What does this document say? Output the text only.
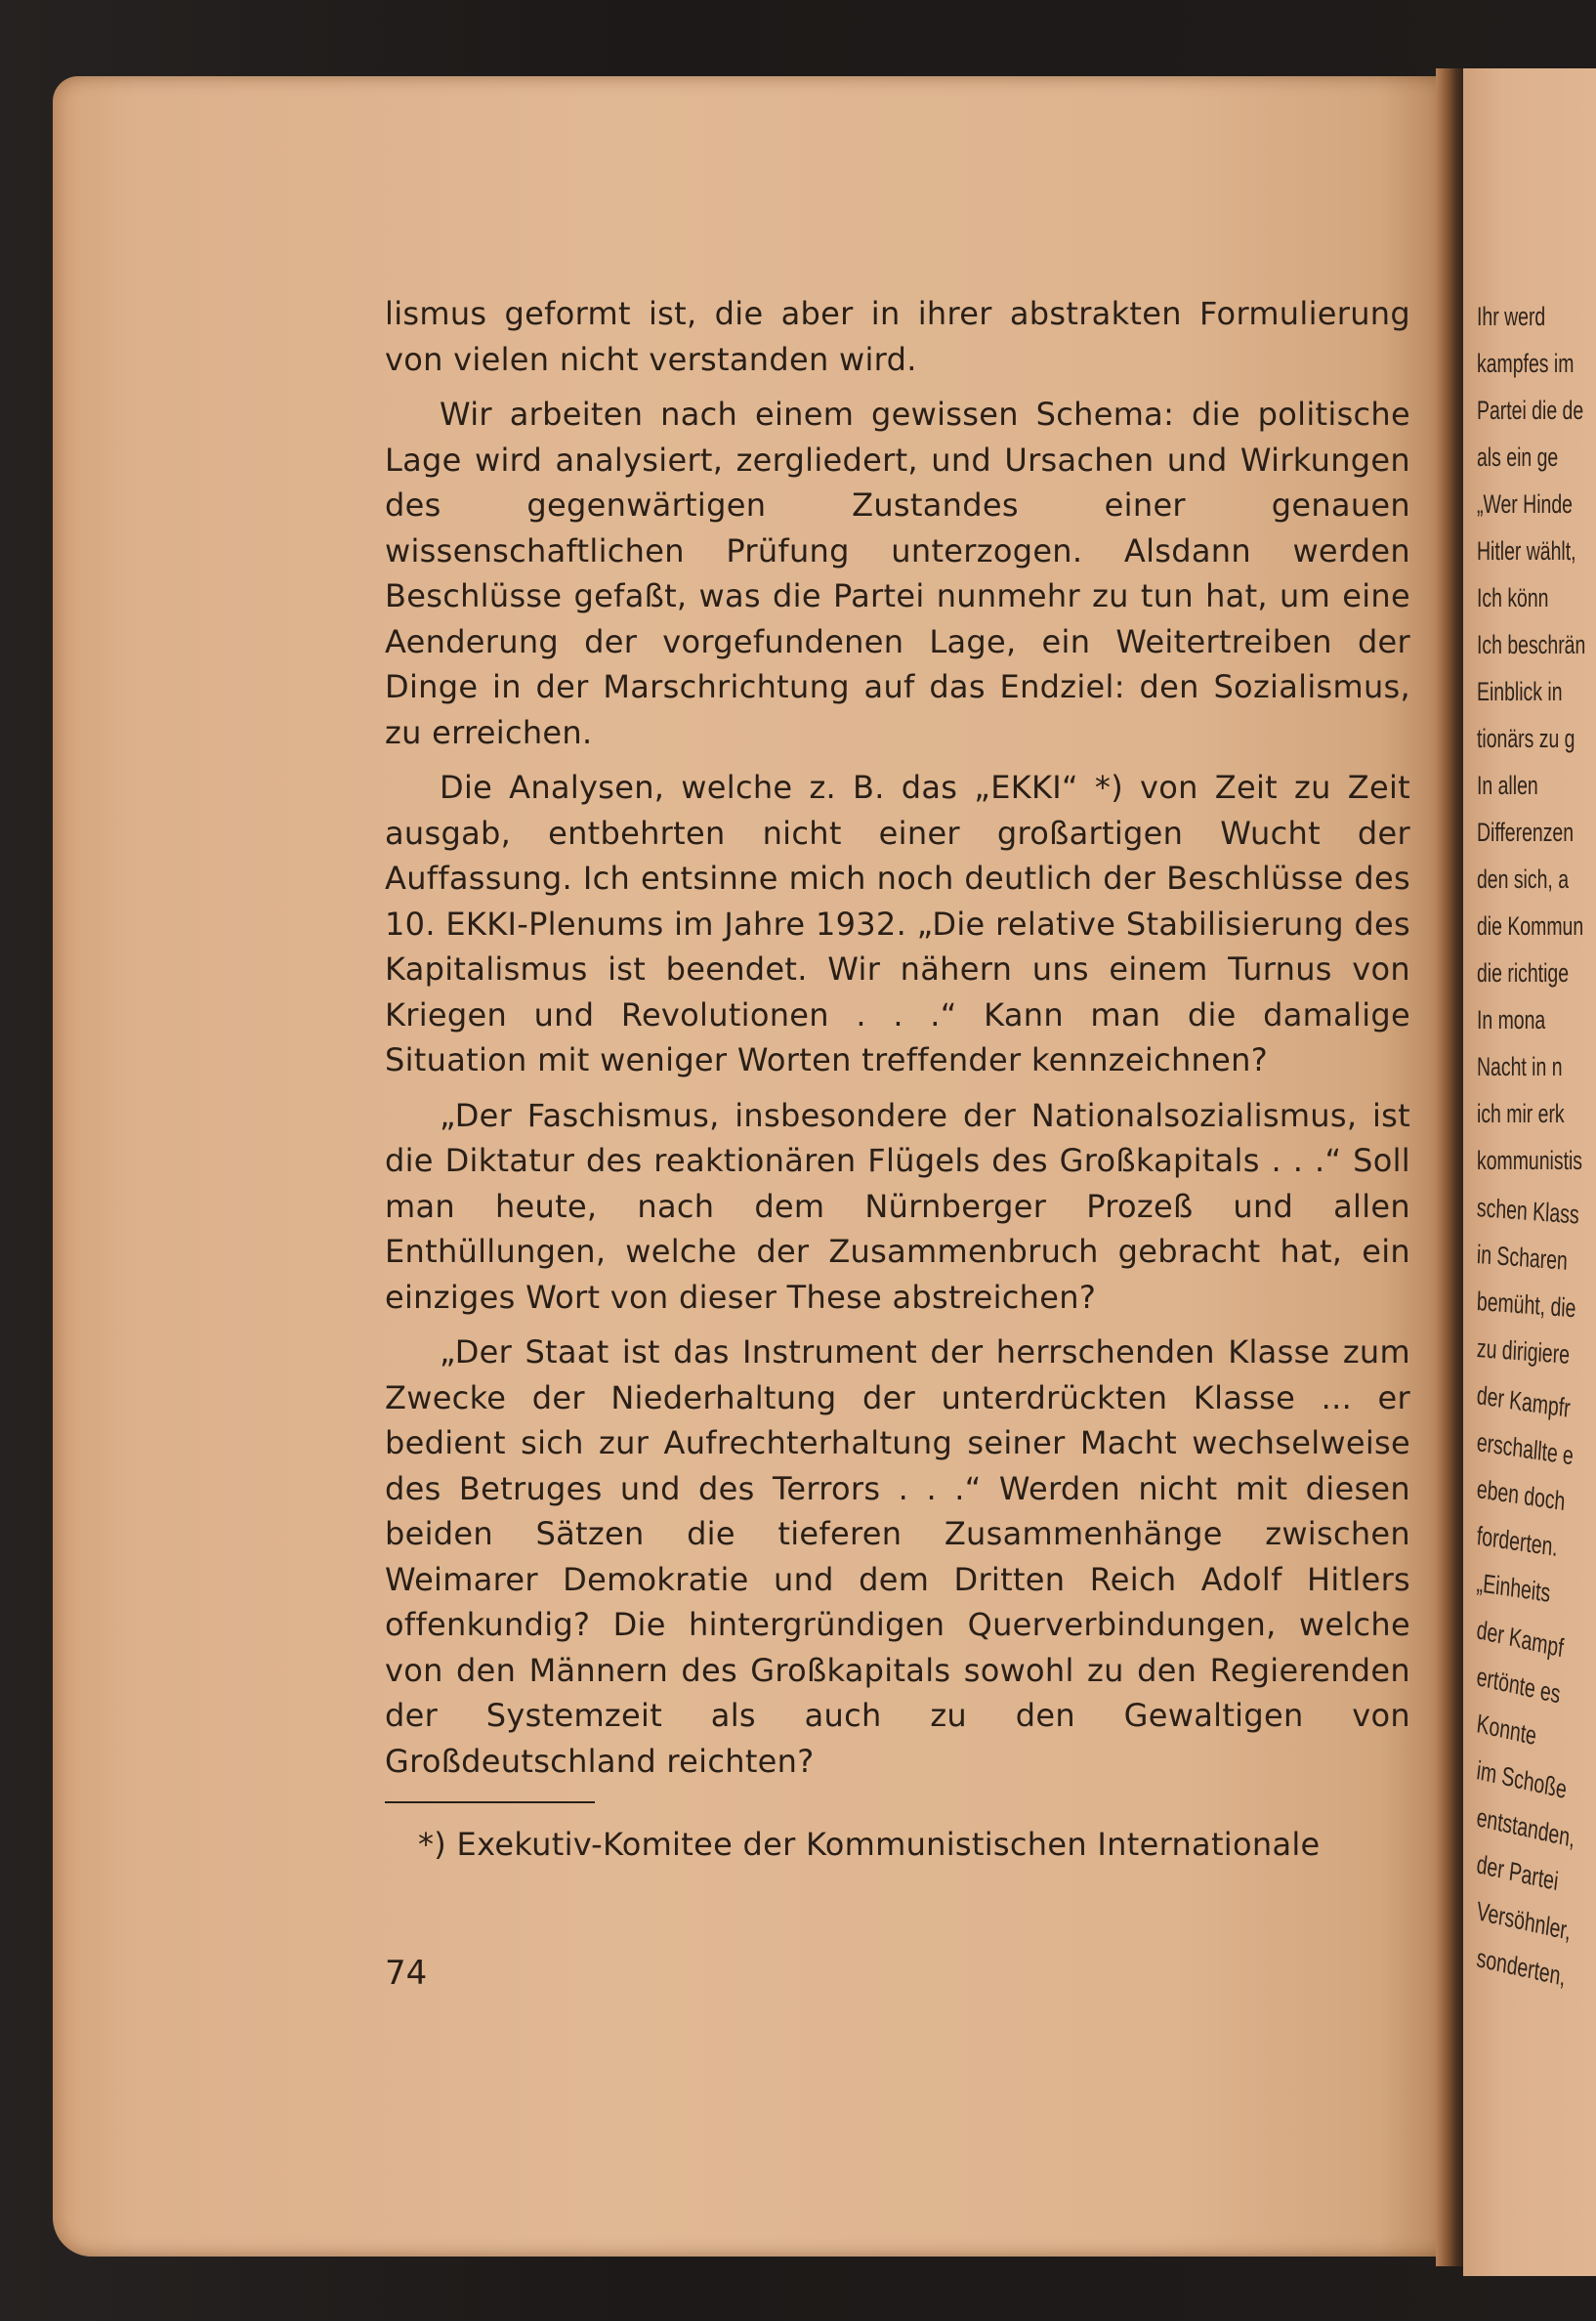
Ihr werd
kampfes im
Partei die de
als ein ge
„Wer Hinde
Hitler wählt,
Ich könn
Ich beschrän
Einblick in
tionärs zu g
In allen
Differenzen
den sich, a
die Kommun
die richtige
In mona
Nacht in n
ich mir erk
kommunistis
schen Klass
in Scharen
bemüht, die
zu dirigiere
der Kampfr
erschallte e
eben doch
forderten.
„Einheits
der Kampf
ertönte es
Konnte
im Schoße
entstanden,
der Partei
Versöhnler,
sonderten,

lismus geformt ist, die aber in ihrer abstrakten Formulierung von vielen nicht verstanden wird.

Wir arbeiten nach einem gewissen Schema: die politische Lage wird analysiert, zergliedert, und Ursachen und Wirkungen des gegenwärtigen Zustandes einer genauen wissenschaftlichen Prüfung unterzogen. Alsdann werden Beschlüsse gefaßt, was die Partei nunmehr zu tun hat, um eine Aenderung der vorgefundenen Lage, ein Weitertreiben der Dinge in der Marschrichtung auf das Endziel: den Sozialismus, zu erreichen.

Die Analysen, welche z. B. das „EKKI“ *) von Zeit zu Zeit ausgab, entbehrten nicht einer großartigen Wucht der Auffassung. Ich entsinne mich noch deutlich der Beschlüsse des 10. EKKI-Plenums im Jahre 1932. „Die relative Stabilisierung des Kapitalismus ist beendet. Wir nähern uns einem Turnus von Kriegen und Revolutionen . . .“ Kann man die damalige Situation mit weniger Worten treffender kennzeichnen?

„Der Faschismus, insbesondere der Nationalsozialismus, ist die Diktatur des reaktionären Flügels des Großkapitals . . .“ Soll man heute, nach dem Nürnberger Prozeß und allen Enthüllungen, welche der Zusammenbruch gebracht hat, ein einziges Wort von dieser These abstreichen?

„Der Staat ist das Instrument der herrschenden Klasse zum Zwecke der Niederhaltung der unterdrückten Klasse ... er bedient sich zur Aufrechterhaltung seiner Macht wechselweise des Betruges und des Terrors . . .“ Werden nicht mit diesen beiden Sätzen die tieferen Zusammenhänge zwischen Weimarer Demokratie und dem Dritten Reich Adolf Hitlers offenkundig? Die hintergründigen Querverbindungen, welche von den Männern des Großkapitals sowohl zu den Regierenden der Systemzeit als auch zu den Gewaltigen von Großdeutschland reichten?

*) Exekutiv-Komitee der Kommunistischen Internationale

74
